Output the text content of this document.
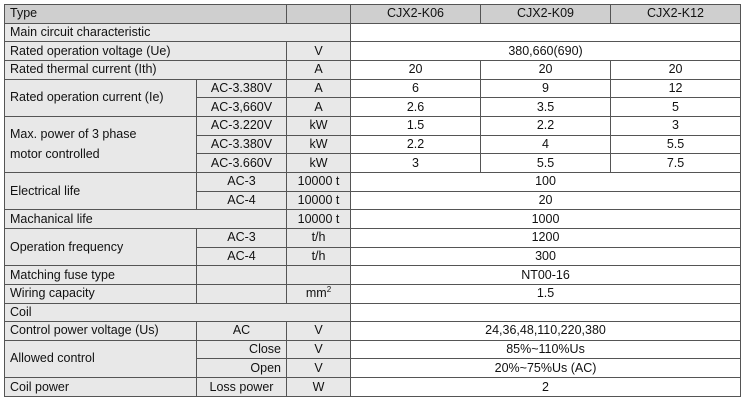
Type			CJX2-K06	CJX2-K09	CJX2-K12
Main circuit characteristic					
Rated operation voltage (Ue)		V	380,660(690)		
Rated thermal current (Ith)		A	20	20	20
Rated operation current (Ie)	AC-3.380V	A	6	9	12
	AC-3,660V	A	2.6	3.5	5
Max. power of 3 phase
motor controlled	AC-3.220V	kW	1.5	2.2	3
	AC-3.380V	kW	2.2	4	5.5
	AC-3.660V	kW	3	5.5	7.5
Electrical life	AC-3	10000 t	100		
	AC-4	10000 t	20		
Machanical life		10000 t	1000		
Operation frequency	AC-3	t/h	1200		
	AC-4	t/h	300		
Matching fuse type			NT00-16		
Wiring capacity		$mm^2$	1.5		
Coil					
Control power voltage (Us)	AC	V	24,36,48,110,220,380		
Allowed control	Close	V	85%~110%Us		
	Open	V	20%~75%Us (AC)		
Coil power	Loss power	W	2		
